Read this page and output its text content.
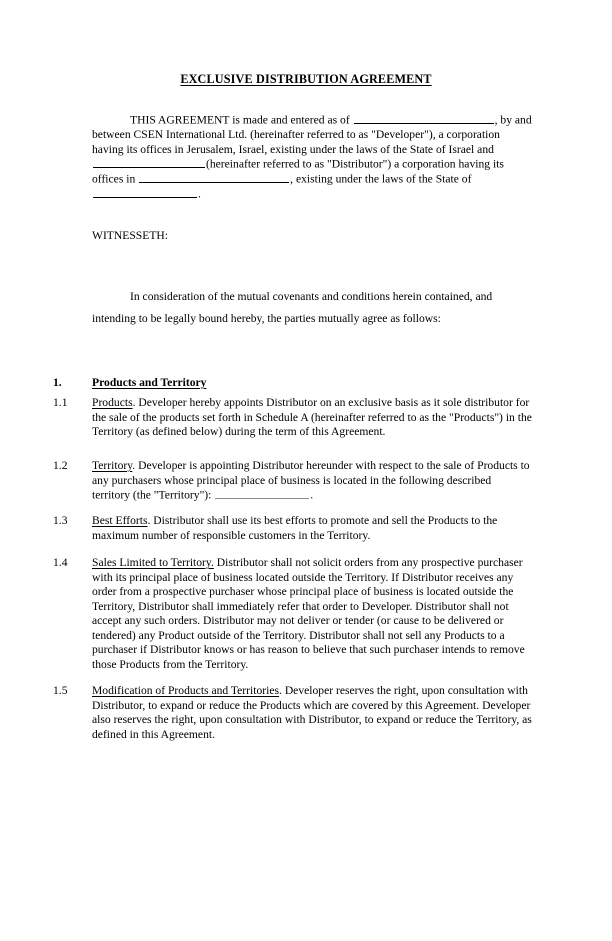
EXCLUSIVE DISTRIBUTION AGREEMENT
THIS AGREEMENT is made and entered as of	, by and between CSEN International Ltd. (hereinafter referred to as "Developer"), a corporation having its offices in Jerusalem, Israel, existing under the laws of the State of Israel and (hereinafter referred to as "Distributor") a corporation having its offices in	, existing under the laws of the State of .
WITNESSETH:
In consideration of the mutual covenants and conditions herein contained, and intending to be legally bound hereby, the parties mutually agree as follows:
1.	Products and Territory
1.1 Products. Developer hereby appoints Distributor on an exclusive basis as it sole distributor for the sale of the products set forth in Schedule A (hereinafter referred to as the "Products") in the Territory (as defined below) during the term of this Agreement.
1.2 Territory. Developer is appointing Distributor hereunder with respect to the sale of Products to any purchasers whose principal place of business is located in the following described territory (the "Territory"):	.
1.3 Best Efforts. Distributor shall use its best efforts to promote and sell the Products to the maximum number of responsible customers in the Territory.
1.4 Sales Limited to Territory. Distributor shall not solicit orders from any prospective purchaser with its principal place of business located outside the Territory. If Distributor receives any order from a prospective purchaser whose principal place of business is located outside the Territory, Distributor shall immediately refer that order to Developer. Distributor shall not accept any such orders. Distributor may not deliver or tender (or cause to be delivered or tendered) any Product outside of the Territory. Distributor shall not sell any Products to a purchaser if Distributor knows or has reason to believe that such purchaser intends to remove those Products from the Territory.
1.5 Modification of Products and Territories. Developer reserves the right, upon consultation with Distributor, to expand or reduce the Products which are covered by this Agreement. Developer also reserves the right, upon consultation with Distributor, to expand or reduce the Territory, as defined in this Agreement.
